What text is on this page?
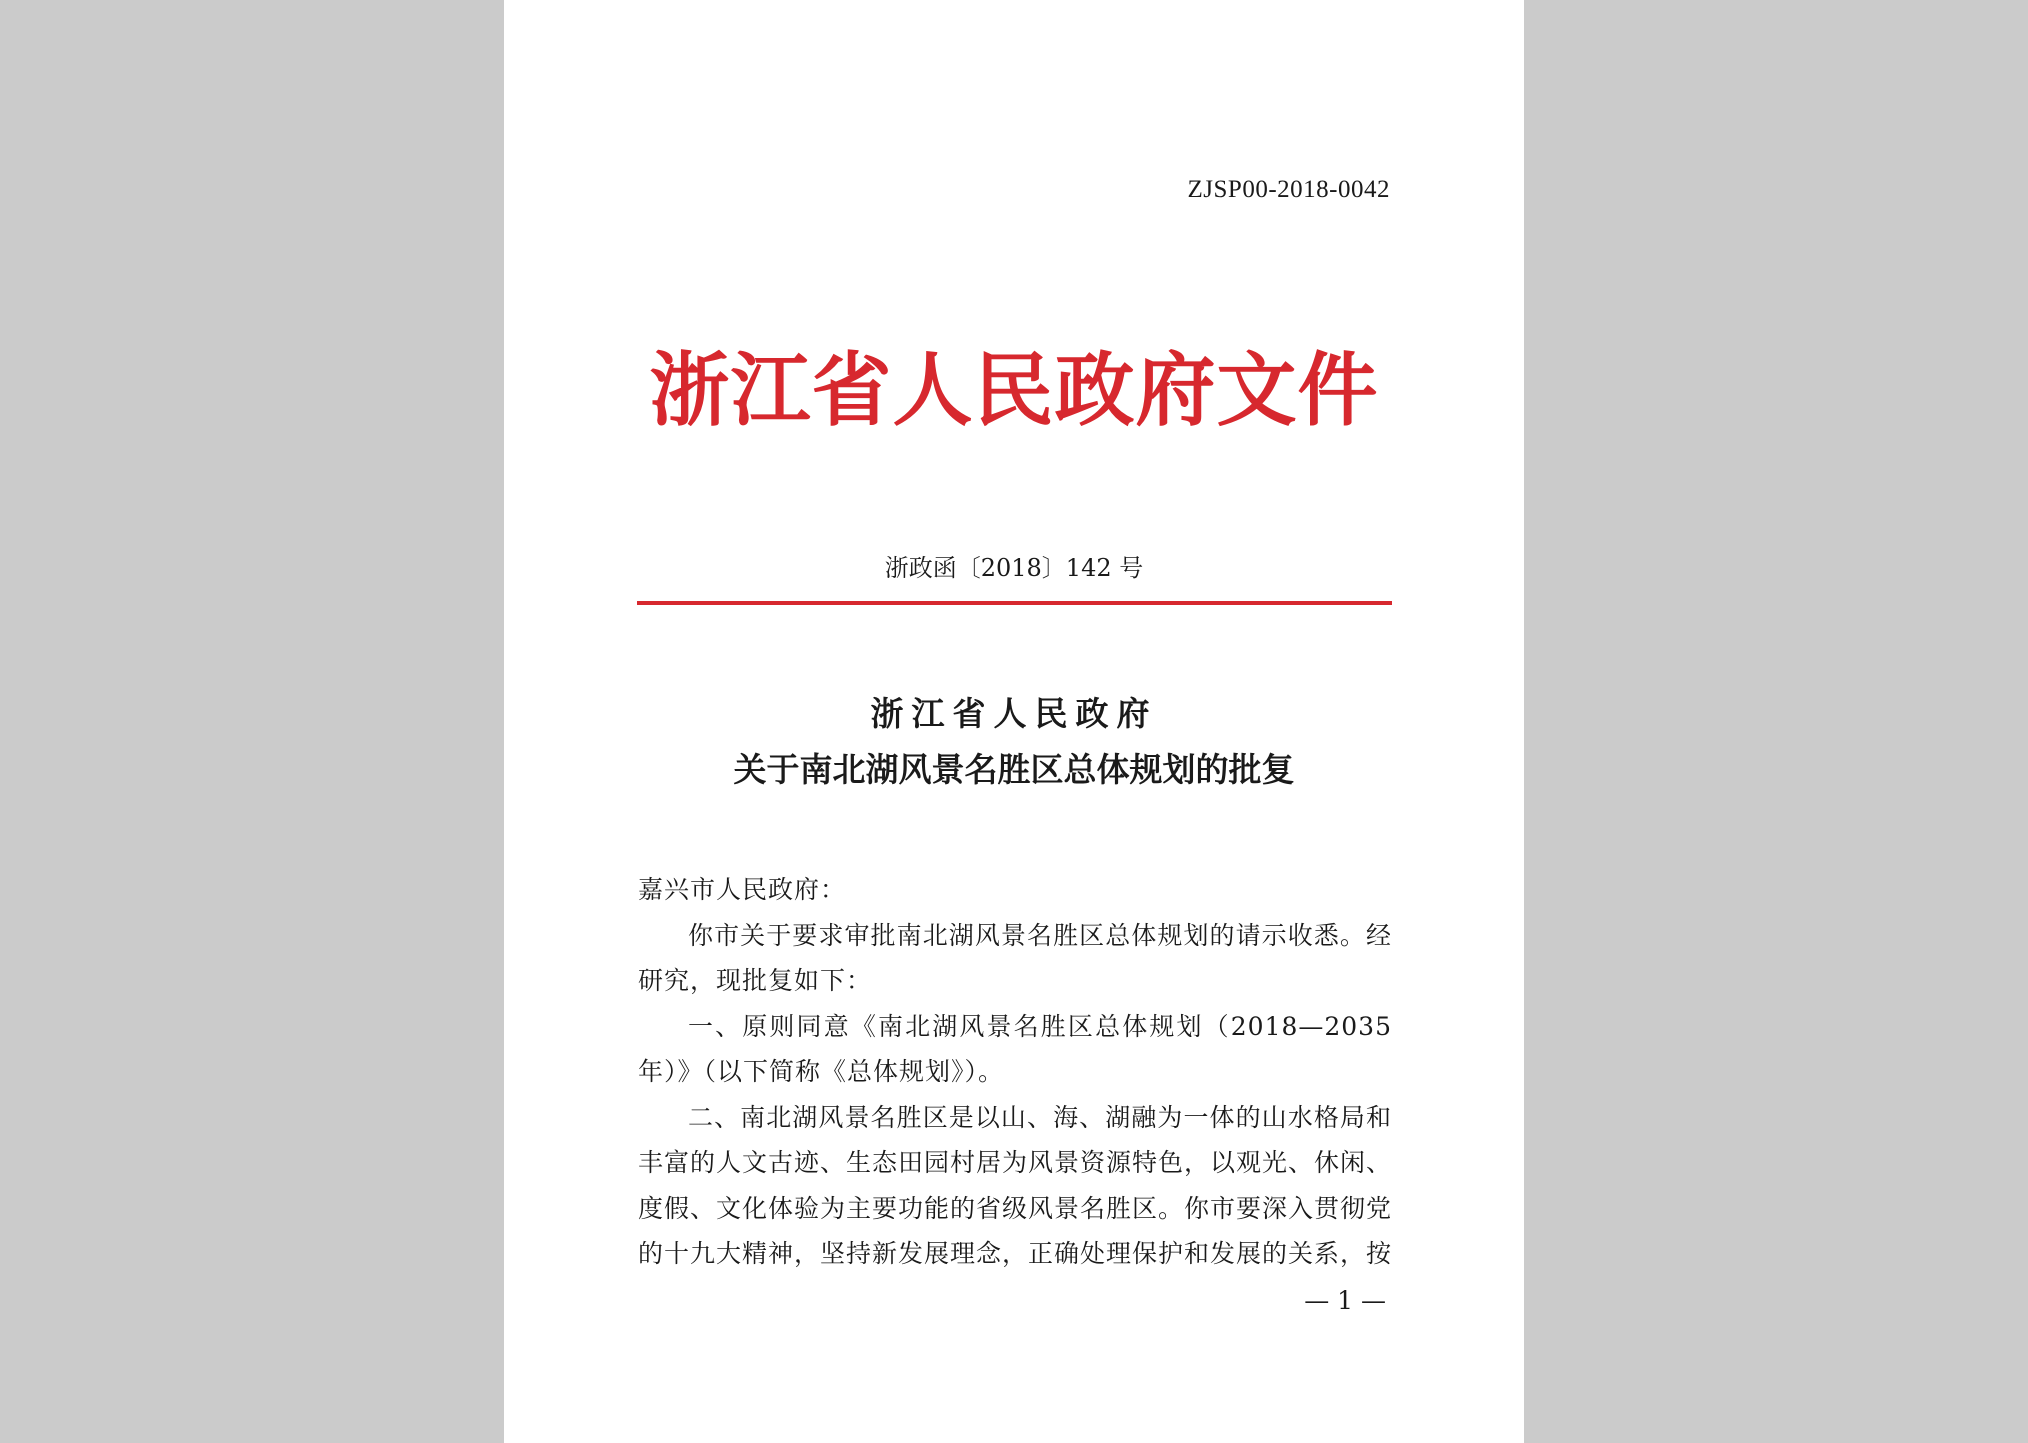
ZJSP00-2018-0042
浙江省人民政府文件
浙政函〔2018〕142 号
浙江省人民政府
关于南北湖风景名胜区总体规划的批复

嘉兴市人民政府：

你市关于要求审批南北湖风景名胜区总体规划的请示收悉。经研究，现批复如下：

一、原则同意《南北湖风景名胜区总体规划（2018—2035 年）》（以下简称《总体规划》）。

二、南北湖风景名胜区是以山、海、湖融为一体的山水格局和丰富的人文古迹、生态田园村居为风景资源特色，以观光、休闲、度假、文化体验为主要功能的省级风景名胜区。你市要深入贯彻党的十九大精神，坚持新发展理念，正确处理保护和发展的关系，按

— 1 —
